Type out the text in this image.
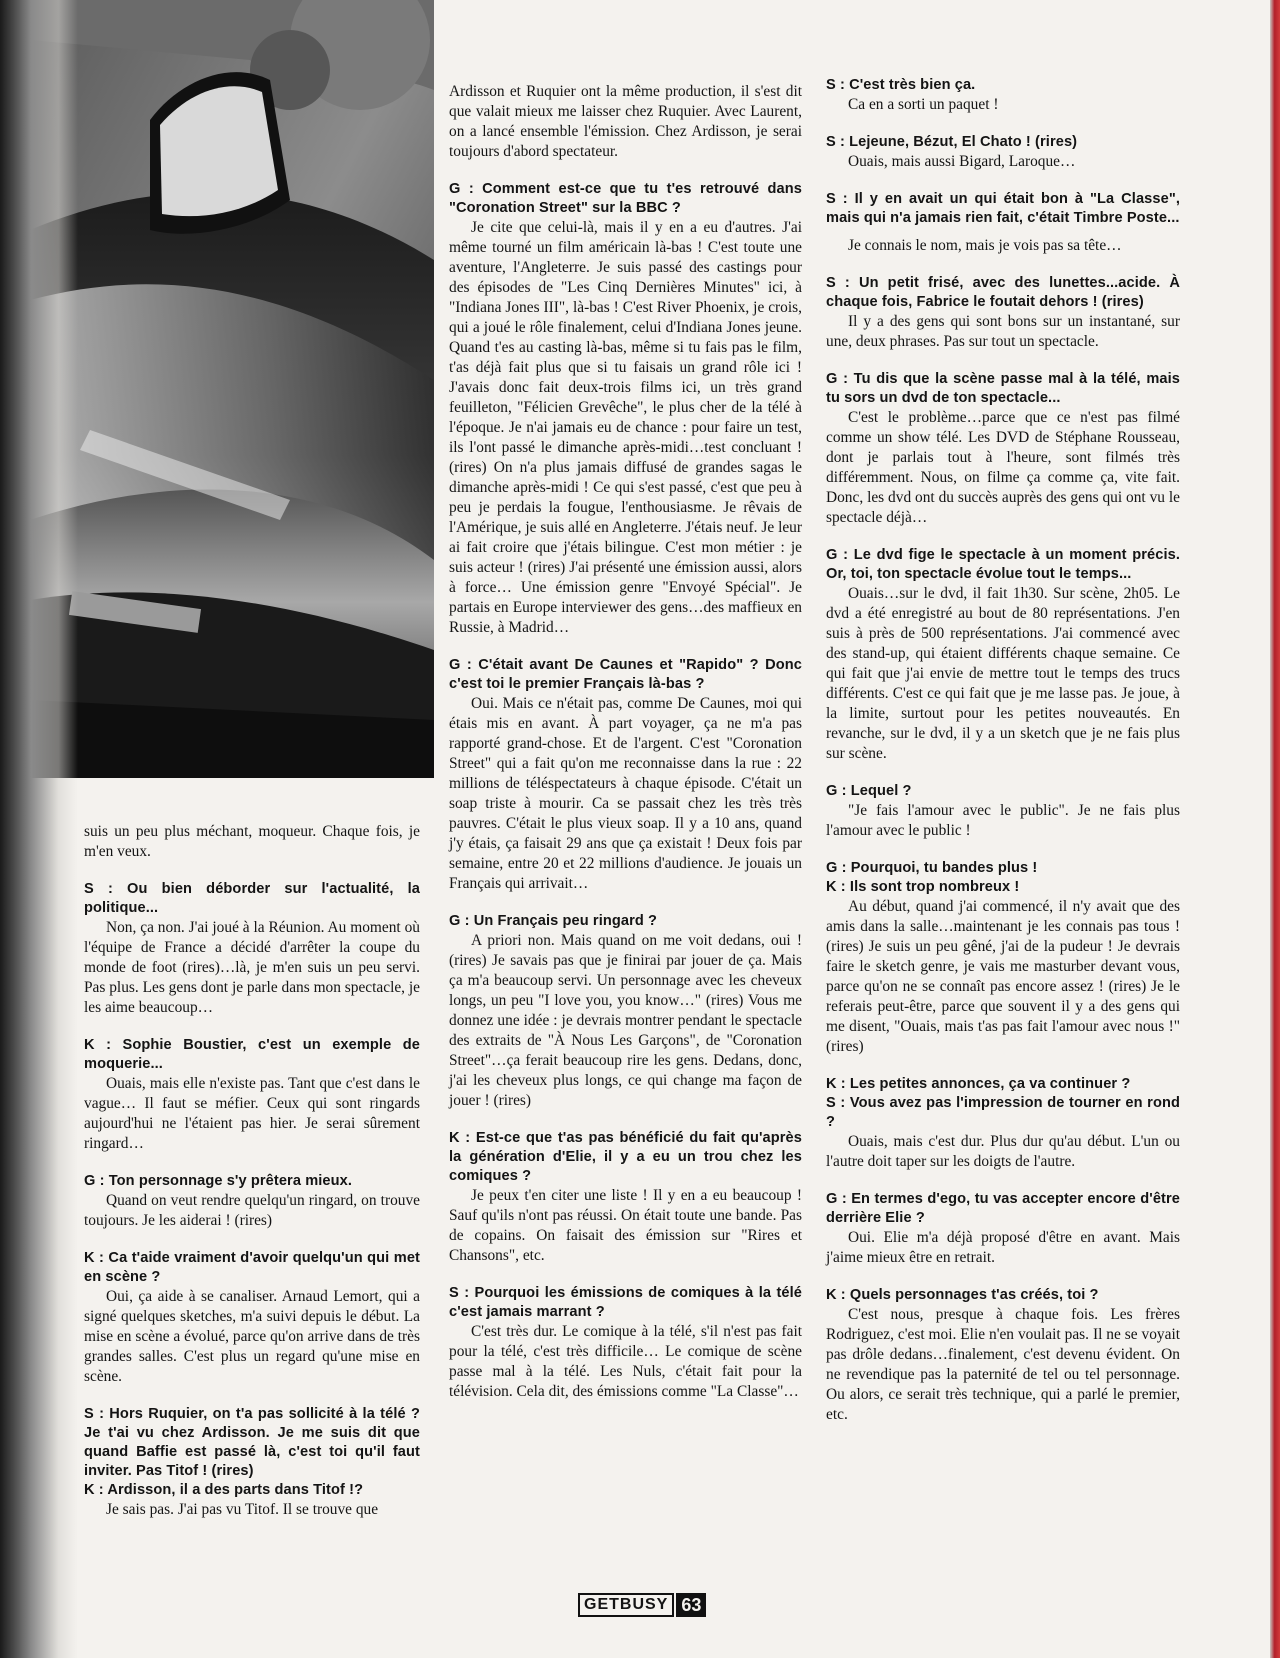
suis un peu plus méchant, moqueur. Chaque fois, je m'en veux.

S : Ou bien déborder sur l'actualité, la politique...

Non, ça non. J'ai joué à la Réunion. Au moment où l'équipe de France a décidé d'arrêter la coupe du monde de foot (rires)…là, je m'en suis un peu servi. Pas plus. Les gens dont je parle dans mon spectacle, je les aime beaucoup…

K : Sophie Boustier, c'est un exemple de moquerie...

Ouais, mais elle n'existe pas. Tant que c'est dans le vague… Il faut se méfier. Ceux qui sont ringards aujourd'hui ne l'étaient pas hier. Je serai sûrement ringard…

G : Ton personnage s'y prêtera mieux.

Quand on veut rendre quelqu'un ringard, on trouve toujours. Je les aiderai ! (rires)

K : Ca t'aide vraiment d'avoir quelqu'un qui met en scène ?

Oui, ça aide à se canaliser. Arnaud Lemort, qui a signé quelques sketches, m'a suivi depuis le début. La mise en scène a évolué, parce qu'on arrive dans de très grandes salles. C'est plus un regard qu'une mise en scène.

S : Hors Ruquier, on t'a pas sollicité à la télé ? Je t'ai vu chez Ardisson. Je me suis dit que quand Baffie est passé là, c'est toi qu'il faut inviter. Pas Titof ! (rires)

K : Ardisson, il a des parts dans Titof !?

Je sais pas. J'ai pas vu Titof. Il se trouve que

Ardisson et Ruquier ont la même production, il s'est dit que valait mieux me laisser chez Ruquier. Avec Laurent, on a lancé ensemble l'émission. Chez Ardisson, je serai toujours d'abord spectateur.

G : Comment est-ce que tu t'es retrouvé dans "Coronation Street" sur la BBC ?

Je cite que celui-là, mais il y en a eu d'autres. J'ai même tourné un film américain là-bas ! C'est toute une aventure, l'Angleterre. Je suis passé des castings pour des épisodes de "Les Cinq Dernières Minutes" ici, à "Indiana Jones III", là-bas ! C'est River Phoenix, je crois, qui a joué le rôle finalement, celui d'Indiana Jones jeune. Quand t'es au casting là-bas, même si tu fais pas le film, t'as déjà fait plus que si tu faisais un grand rôle ici ! J'avais donc fait deux-trois films ici, un très grand feuilleton, "Félicien Grevêche", le plus cher de la télé à l'époque. Je n'ai jamais eu de chance : pour faire un test, ils l'ont passé le dimanche après-midi…test concluant ! (rires) On n'a plus jamais diffusé de grandes sagas le dimanche après-midi ! Ce qui s'est passé, c'est que peu à peu je perdais la fougue, l'enthousiasme. Je rêvais de l'Amérique, je suis allé en Angleterre. J'étais neuf. Je leur ai fait croire que j'étais bilingue. C'est mon métier : je suis acteur ! (rires) J'ai présenté une émission aussi, alors à force… Une émission genre "Envoyé Spécial". Je partais en Europe interviewer des gens…des maffieux en Russie, à Madrid…

G : C'était avant De Caunes et "Rapido" ? Donc c'est toi le premier Français là-bas ?

Oui. Mais ce n'était pas, comme De Caunes, moi qui étais mis en avant. À part voyager, ça ne m'a pas rapporté grand-chose. Et de l'argent. C'est "Coronation Street" qui a fait qu'on me reconnaisse dans la rue : 22 millions de téléspectateurs à chaque épisode. C'était un soap triste à mourir. Ca se passait chez les très très pauvres. C'était le plus vieux soap. Il y a 10 ans, quand j'y étais, ça faisait 29 ans que ça existait ! Deux fois par semaine, entre 20 et 22 millions d'audience. Je jouais un Français qui arrivait…

G : Un Français peu ringard ?

A priori non. Mais quand on me voit dedans, oui ! (rires) Je savais pas que je finirai par jouer de ça. Mais ça m'a beaucoup servi. Un personnage avec les cheveux longs, un peu "I love you, you know…" (rires) Vous me donnez une idée : je devrais montrer pendant le spectacle des extraits de "À Nous Les Garçons", de "Coronation Street"…ça ferait beaucoup rire les gens. Dedans, donc, j'ai les cheveux plus longs, ce qui change ma façon de jouer ! (rires)

K : Est-ce que t'as pas bénéficié du fait qu'après la génération d'Elie, il y a eu un trou chez les comiques ?

Je peux t'en citer une liste ! Il y en a eu beaucoup ! Sauf qu'ils n'ont pas réussi. On était toute une bande. Pas de copains. On faisait des émission sur "Rires et Chansons", etc.

S : Pourquoi les émissions de comiques à la télé c'est jamais marrant ?

C'est très dur. Le comique à la télé, s'il n'est pas fait pour la télé, c'est très difficile… Le comique de scène passe mal à la télé. Les Nuls, c'était fait pour la télévision. Cela dit, des émissions comme "La Classe"…

S : C'est très bien ça.

Ca en a sorti un paquet !

S : Lejeune, Bézut, El Chato ! (rires)

Ouais, mais aussi Bigard, Laroque…

S : Il y en avait un qui était bon à "La Classe", mais qui n'a jamais rien fait, c'était Timbre Poste...

Je connais le nom, mais je vois pas sa tête…

S : Un petit frisé, avec des lunettes...acide. À chaque fois, Fabrice le foutait dehors ! (rires)

Il y a des gens qui sont bons sur un instantané, sur une, deux phrases. Pas sur tout un spectacle.

G : Tu dis que la scène passe mal à la télé, mais tu sors un dvd de ton spectacle...

C'est le problème…parce que ce n'est pas filmé comme un show télé. Les DVD de Stéphane Rousseau, dont je parlais tout à l'heure, sont filmés très différemment. Nous, on filme ça comme ça, vite fait. Donc, les dvd ont du succès auprès des gens qui ont vu le spectacle déjà…

G : Le dvd fige le spectacle à un moment précis. Or, toi, ton spectacle évolue tout le temps...

Ouais…sur le dvd, il fait 1h30. Sur scène, 2h05. Le dvd a été enregistré au bout de 80 représentations. J'en suis à près de 500 représentations. J'ai commencé avec des stand-up, qui étaient différents chaque semaine. Ce qui fait que j'ai envie de mettre tout le temps des trucs différents. C'est ce qui fait que je me lasse pas. Je joue, à la limite, surtout pour les petites nouveautés. En revanche, sur le dvd, il y a un sketch que je ne fais plus sur scène.

G : Lequel ?

"Je fais l'amour avec le public". Je ne fais plus l'amour avec le public !

G : Pourquoi, tu bandes plus !

K : Ils sont trop nombreux !

Au début, quand j'ai commencé, il n'y avait que des amis dans la salle…maintenant je les connais pas tous ! (rires) Je suis un peu gêné, j'ai de la pudeur ! Je devrais faire le sketch genre, je vais me masturber devant vous, parce qu'on ne se connaît pas encore assez ! (rires) Je le referais peut-être, parce que souvent il y a des gens qui me disent, "Ouais, mais t'as pas fait l'amour avec nous !" (rires)

K : Les petites annonces, ça va continuer ?

S : Vous avez pas l'impression de tourner en rond ?

Ouais, mais c'est dur. Plus dur qu'au début. L'un ou l'autre doit taper sur les doigts de l'autre.

G : En termes d'ego, tu vas accepter encore d'être derrière Elie ?

Oui. Elie m'a déjà proposé d'être en avant. Mais j'aime mieux être en retrait.

K : Quels personnages t'as créés, toi ?

C'est nous, presque à chaque fois. Les frères Rodriguez, c'est moi. Elie n'en voulait pas. Il ne se voyait pas drôle dedans…finalement, c'est devenu évident. On ne revendique pas la paternité de tel ou tel personnage. Ou alors, ce serait très technique, qui a parlé le premier, etc.

GETBUSY 63
